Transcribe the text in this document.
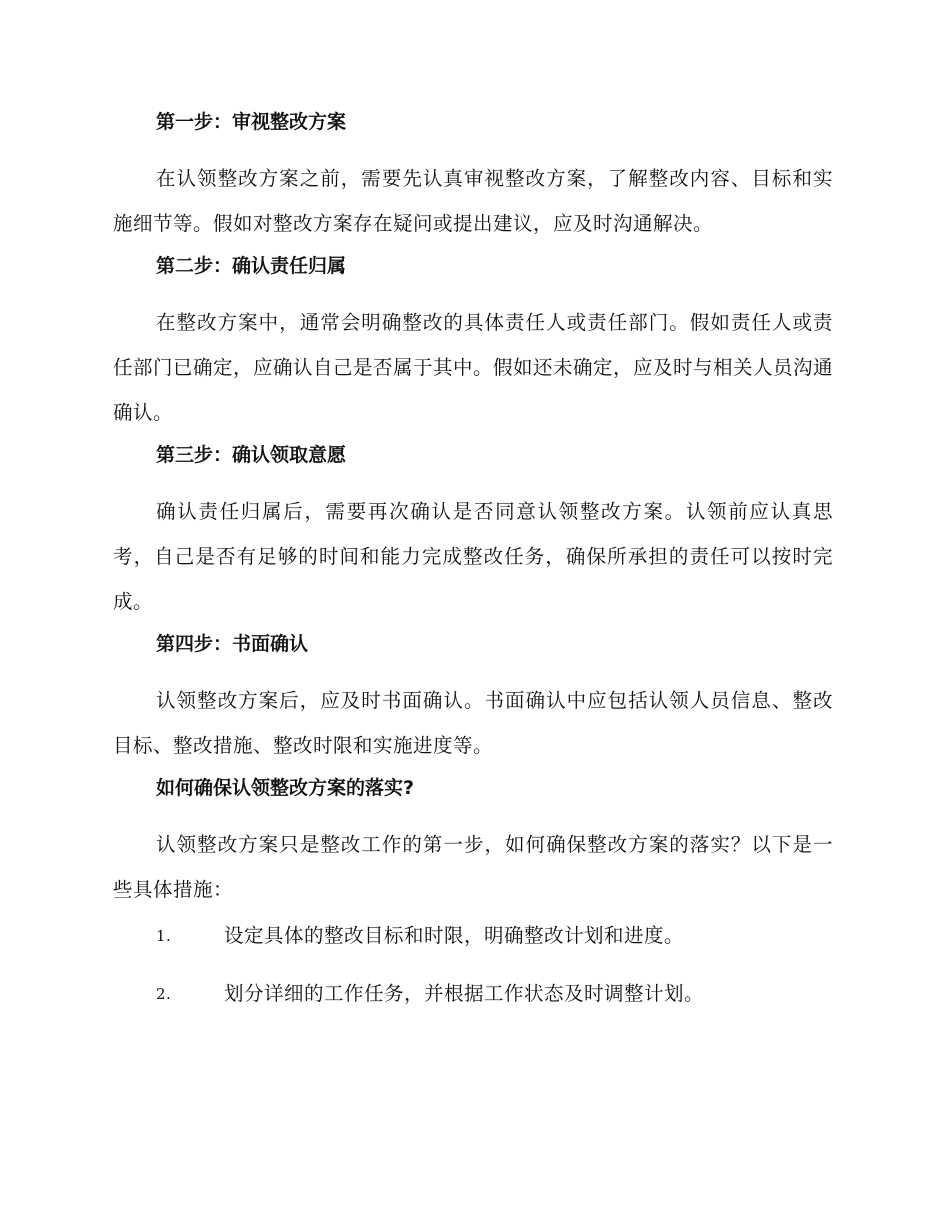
第一步：审视整改方案

在认领整改方案之前，需要先认真审视整改方案，了解整改内容、目标和实施细节等。假如对整改方案存在疑问或提出建议，应及时沟通解决。

第二步：确认责任归属

在整改方案中，通常会明确整改的具体责任人或责任部门。假如责任人或责任部门已确定，应确认自己是否属于其中。假如还未确定，应及时与相关人员沟通确认。

第三步：确认领取意愿

确认责任归属后，需要再次确认是否同意认领整改方案。认领前应认真思考，自己是否有足够的时间和能力完成整改任务，确保所承担的责任可以按时完成。

第四步：书面确认

认领整改方案后，应及时书面确认。书面确认中应包括认领人员信息、整改目标、整改措施、整改时限和实施进度等。

如何确保认领整改方案的落实?

认领整改方案只是整改工作的第一步，如何确保整改方案的落实？以下是一些具体措施：

1.	设定具体的整改目标和时限，明确整改计划和进度。
2.	划分详细的工作任务，并根据工作状态及时调整计划。
